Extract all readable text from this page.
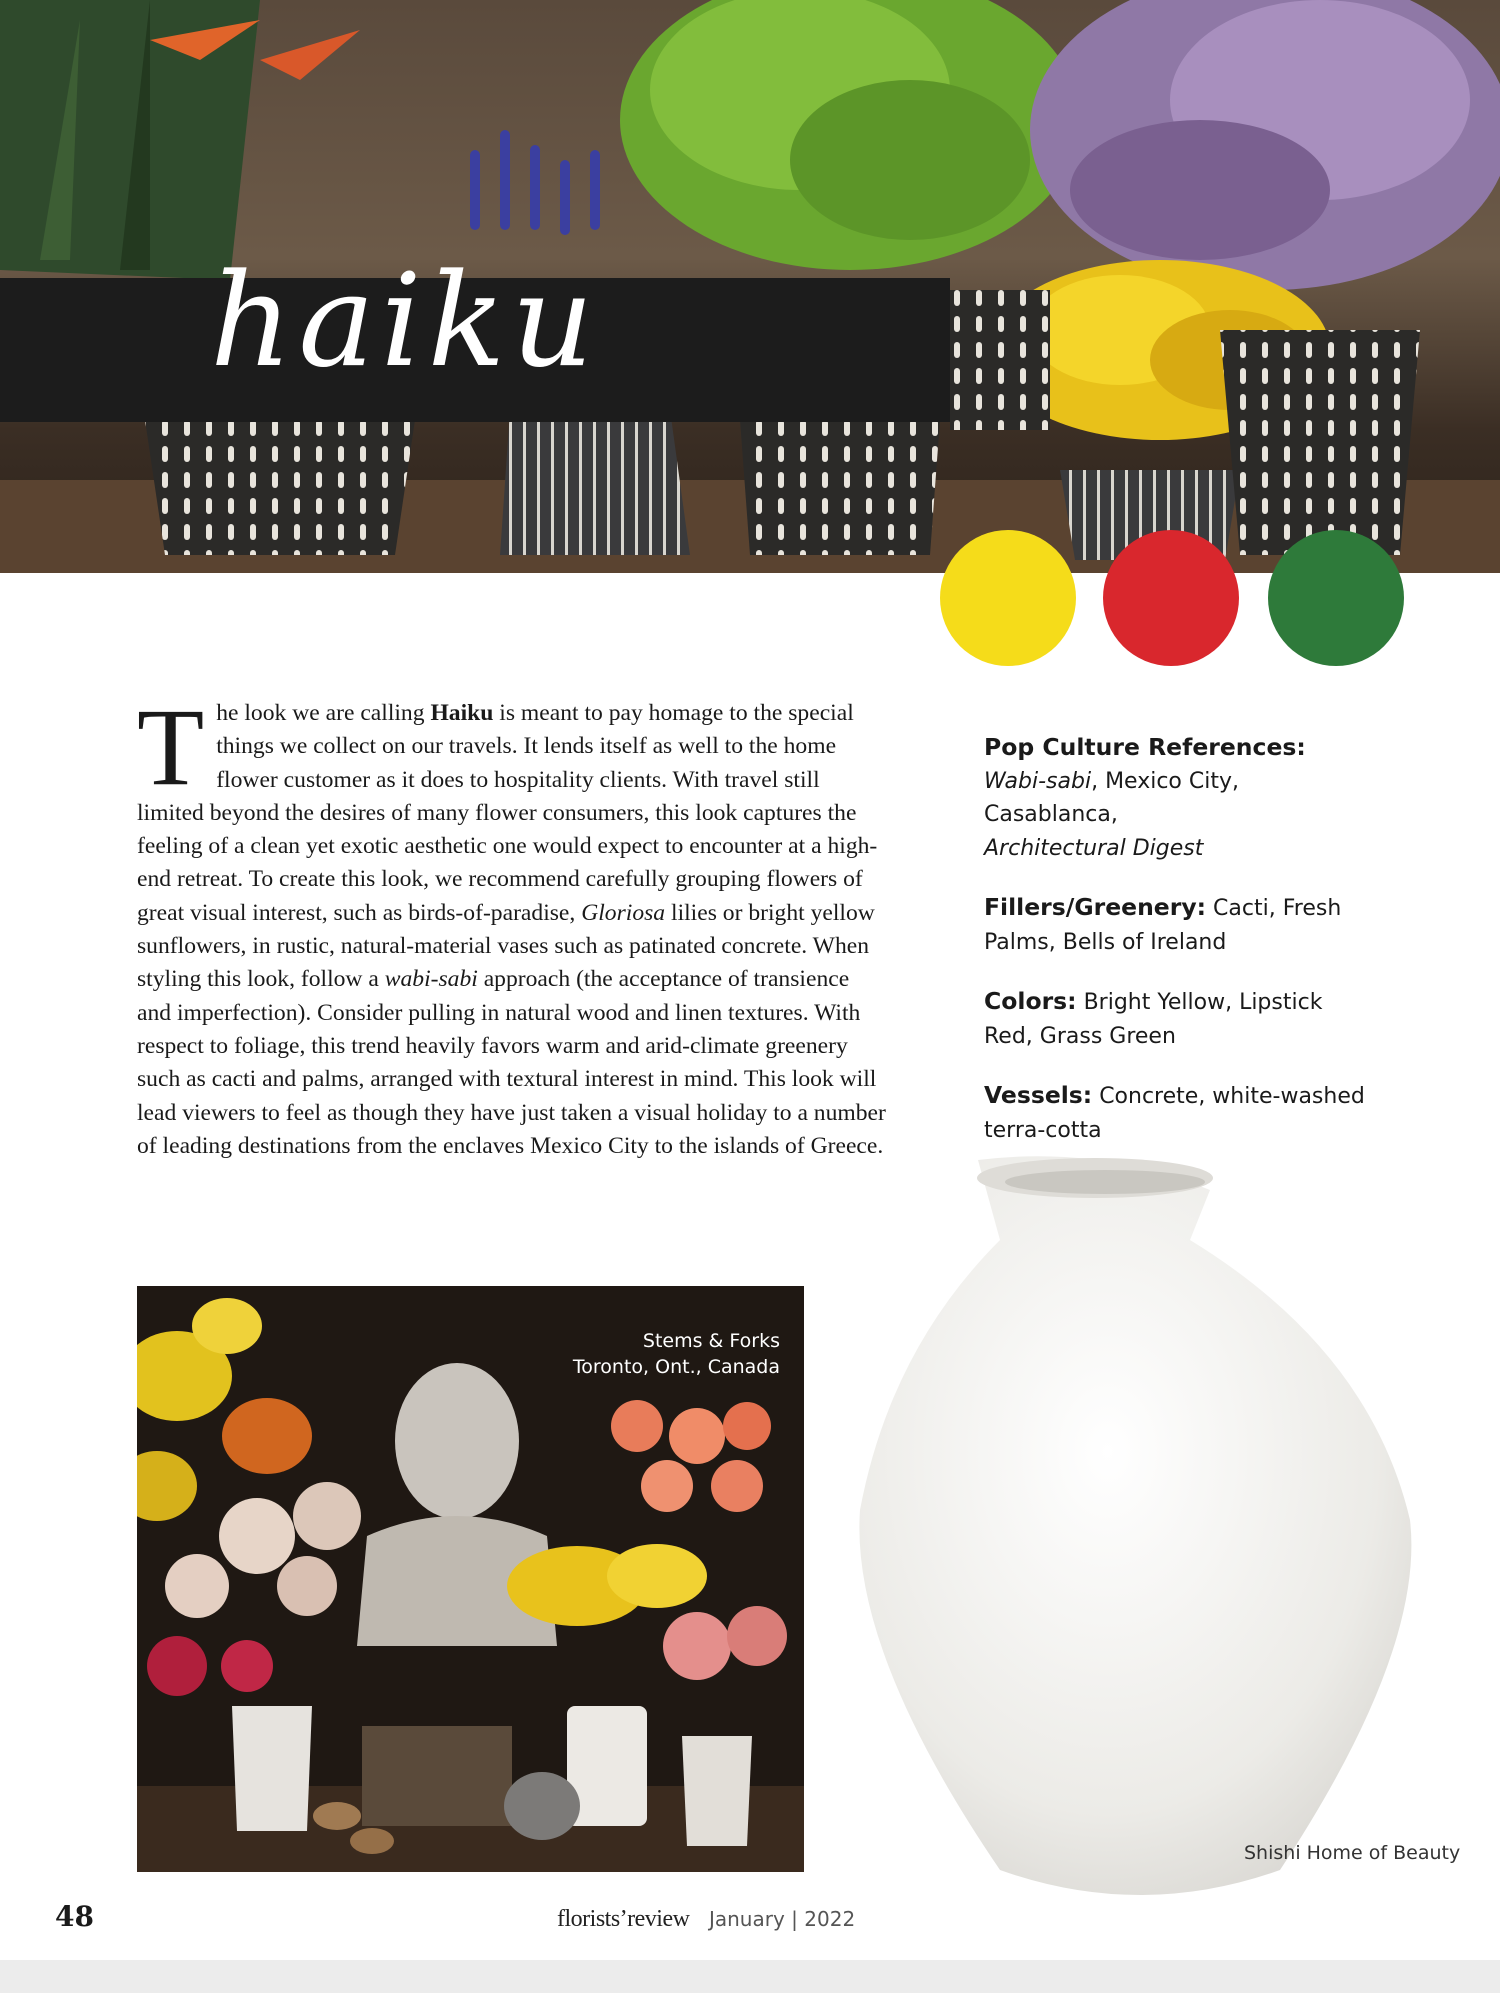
haiku
The look we are calling Haiku is meant to pay homage to the special things we collect on our travels. It lends itself as well to the home flower customer as it does to hospitality clients. With travel still limited beyond the desires of many flower consumers, this look captures the feeling of a clean yet exotic aesthetic one would expect to encounter at a high-end retreat. To create this look, we recommend carefully grouping flowers of great visual interest, such as birds-of-paradise, Gloriosa lilies or bright yellow sunflowers, in rustic, natural-material vases such as patinated concrete. When styling this look, follow a wabi-sabi approach (the acceptance of transience and imperfection). Consider pulling in natural wood and linen textures. With respect to foliage, this trend heavily favors warm and arid-climate greenery such as cacti and palms, arranged with textural interest in mind. This look will lead viewers to feel as though they have just taken a visual holiday to a number of leading destinations from the enclaves Mexico City to the islands of Greece.
Pop Culture References:
Wabi-sabi, Mexico City, Casablanca,
Architectural Digest
Fillers/Greenery: Cacti, Fresh Palms, Bells of Ireland
Colors: Bright Yellow, Lipstick Red, Grass Green
Vessels: Concrete, white-washed terra-cotta
Stems & Forks
Toronto, Ont., Canada
Shishi Home of Beauty
48	florists’review January | 2022
